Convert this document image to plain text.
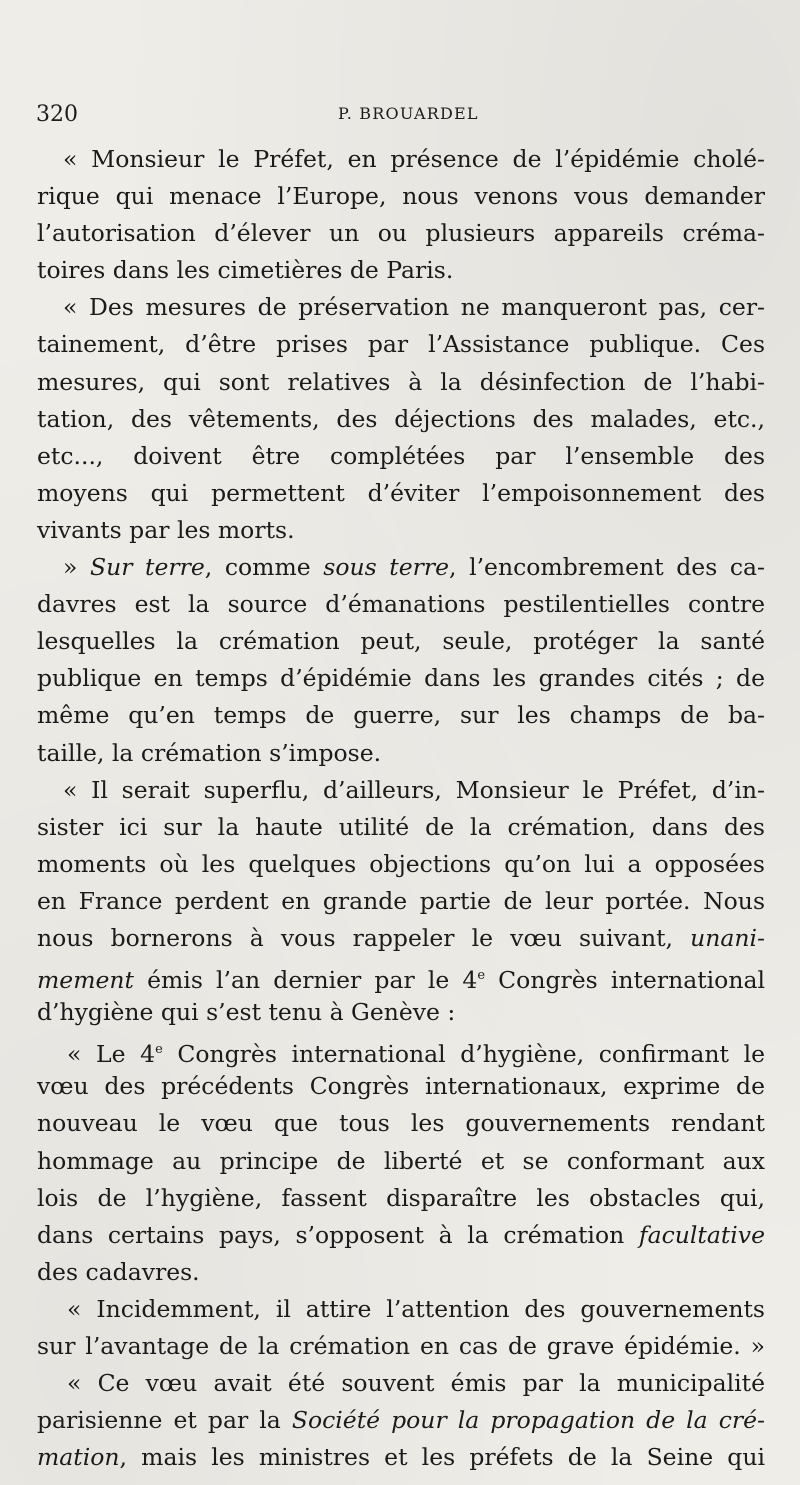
320	P. BROUARDEL
« Monsieur le Préfet, en présence de l’épidémie cholé-
rique qui menace l’Europe, nous venons vous demander
l’autorisation d’élever un ou plusieurs appareils créma-
toires dans les cimetières de Paris.
« Des mesures de préservation ne manqueront pas, cer-
tainement, d’être prises par l’Assistance publique. Ces
mesures, qui sont relatives à la désinfection de l’habi-
tation, des vêtements, des déjections des malades, etc.,
etc..., doivent être complétées par l’ensemble des
moyens qui permettent d’éviter l’empoisonnement des
vivants par les morts.
» Sur terre, comme sous terre, l’encombrement des ca-
davres est la source d’émanations pestilentielles contre
lesquelles la crémation peut, seule, protéger la santé
publique en temps d’épidémie dans les grandes cités ; de
même qu’en temps de guerre, sur les champs de ba-
taille, la crémation s’impose.
« Il serait superflu, d’ailleurs, Monsieur le Préfet, d’in-
sister ici sur la haute utilité de la crémation, dans des
moments où les quelques objections qu’on lui a opposées
en France perdent en grande partie de leur portée. Nous
nous bornerons à vous rappeler le vœu suivant, unani-
mement émis l’an dernier par le 4e Congrès international
d’hygiène qui s’est tenu à Genève :
« Le 4e Congrès international d’hygiène, confirmant le
vœu des précédents Congrès internationaux, exprime de
nouveau le vœu que tous les gouvernements rendant
hommage au principe de liberté et se conformant aux
lois de l’hygiène, fassent disparaître les obstacles qui,
dans certains pays, s’opposent à la crémation facultative
des cadavres.
« Incidemment, il attire l’attention des gouvernements
sur l’avantage de la crémation en cas de grave épidémie. »
« Ce vœu avait été souvent émis par la municipalité
parisienne et par la Société pour la propagation de la cré-
mation, mais les ministres et les préfets de la Seine qui
